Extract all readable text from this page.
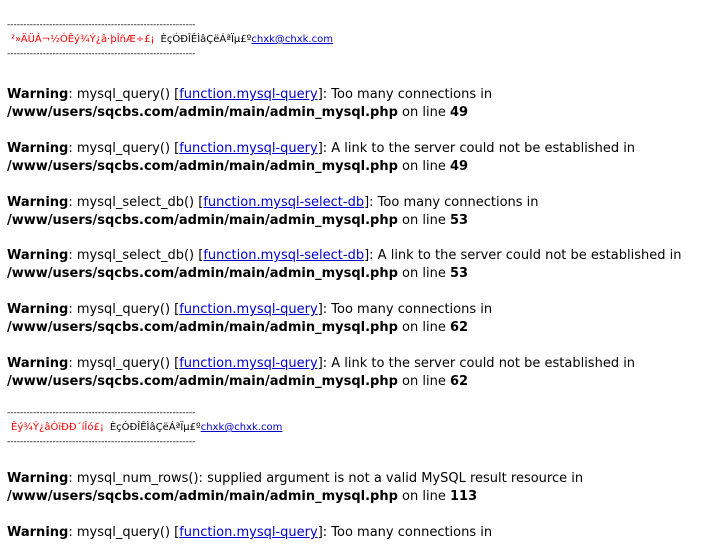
----------------------------------------------------------
²»ÄÜÁ¬½ÓÊý¾Ý¿â·þÎñÆ÷£¡ ÈçÓÐÎÊÌâÇëÁªÏµ£ºchxk@chxk.com
----------------------------------------------------------
Warning: mysql_query() [function.mysql-query]: Too many connections in
/www/users/sqcbs.com/admin/main/admin_mysql.php on line 49
Warning: mysql_query() [function.mysql-query]: A link to the server could not be established in
/www/users/sqcbs.com/admin/main/admin_mysql.php on line 49
Warning: mysql_select_db() [function.mysql-select-db]: Too many connections in
/www/users/sqcbs.com/admin/main/admin_mysql.php on line 53
Warning: mysql_select_db() [function.mysql-select-db]: A link to the server could not be established in
/www/users/sqcbs.com/admin/main/admin_mysql.php on line 53
Warning: mysql_query() [function.mysql-query]: Too many connections in
/www/users/sqcbs.com/admin/main/admin_mysql.php on line 62
Warning: mysql_query() [function.mysql-query]: A link to the server could not be established in
/www/users/sqcbs.com/admin/main/admin_mysql.php on line 62
----------------------------------------------------------
Êý¾Ý¿âÓïÐÐ´íÎó£¡ ÈçÓÐÎÊÌâÇëÁªÏµ£ºchxk@chxk.com
----------------------------------------------------------
Warning: mysql_num_rows(): supplied argument is not a valid MySQL result resource in
/www/users/sqcbs.com/admin/main/admin_mysql.php on line 113
Warning: mysql_query() [function.mysql-query]: Too many connections in
